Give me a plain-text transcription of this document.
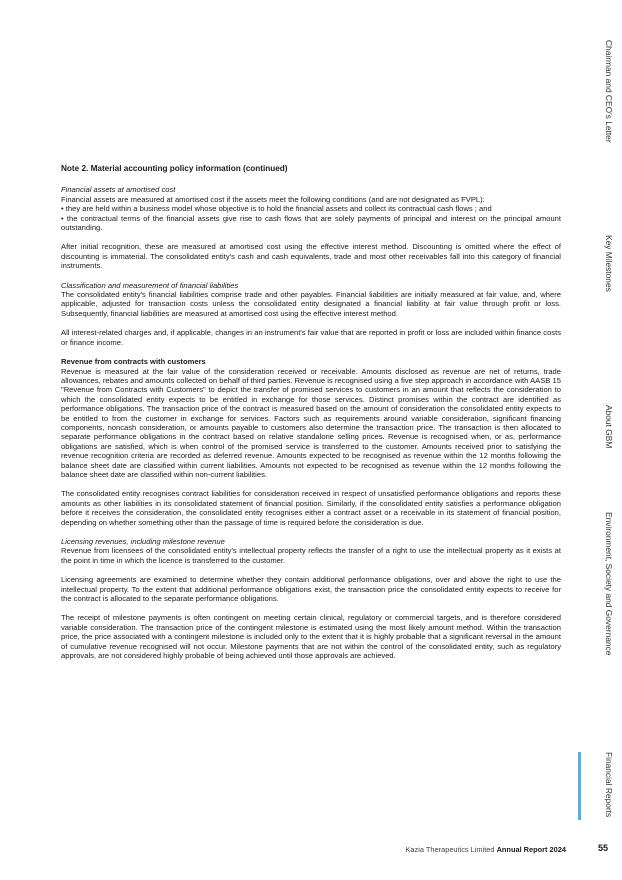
Chairman and CEO's Letter
Key Milestones
About GBM
Environment, Society and Governance
Financial Reports

Note 2. Material accounting policy information (continued)

Financial assets at amortised cost
Financial assets are measured at amortised cost if the assets meet the following conditions (and are not designated as FVPL):
• they are held within a business model whose objective is to hold the financial assets and collect its contractual cash flows ; and
• the contractual terms of the financial assets give rise to cash flows that are solely payments of principal and interest on the principal amount outstanding.

After initial recognition, these are measured at amortised cost using the effective interest method. Discounting is omitted where the effect of discounting is immaterial. The consolidated entity's cash and cash equivalents, trade and most other receivables fall into this category of financial instruments.

Classification and measurement of financial liabilities
The consolidated entity's financial liabilities comprise trade and other payables. Financial liabilities are initially measured at fair value, and, where applicable, adjusted for transaction costs unless the consolidated entity designated a financial liability at fair value through profit or loss. Subsequently, financial liabilities are measured at amortised cost using the effective interest method.

All interest-related charges and, if applicable, changes in an instrument's fair value that are reported in profit or loss are included within finance costs or finance income.

Revenue from contracts with customers
Revenue is measured at the fair value of the consideration received or receivable. Amounts disclosed as revenue are net of returns, trade allowances, rebates and amounts collected on behalf of third parties. Revenue is recognised using a five step approach in accordance with AASB 15 "Revenue from Contracts with Customers" to depict the transfer of promised services to customers in an amount that reflects the consideration to which the consolidated entity expects to be entitled in exchange for those services. Distinct promises within the contract are identified as performance obligations. The transaction price of the contract is measured based on the amount of consideration the consolidated entity expects to be entitled to from the customer in exchange for services. Factors such as requirements around variable consideration, significant financing components, noncash consideration, or amounts payable to customers also determine the transaction price. The transaction is then allocated to separate performance obligations in the contract based on relative standalone selling prices. Revenue is recognised when, or as, performance obligations are satisfied, which is when control of the promised service is transferred to the customer. Amounts received prior to satisfying the revenue recognition criteria are recorded as deferred revenue. Amounts expected to be recognised as revenue within the 12 months following the balance sheet date are classified within current liabilities. Amounts not expected to be recognised as revenue within the 12 months following the balance sheet date are classified within non-current liabilities.

The consolidated entity recognises contract liabilities for consideration received in respect of unsatisfied performance obligations and reports these amounts as other liabilities in its consolidated statement of financial position. Similarly, if the consolidated entity satisfies a performance obligation before it receives the consideration, the consolidated entity recognises either a contract asset or a receivable in its statement of financial position, depending on whether something other than the passage of time is required before the consideration is due.

Licensing revenues, including milestone revenue
Revenue from licensees of the consolidated entity's intellectual property reflects the transfer of a right to use the intellectual property as it exists at the point in time in which the licence is transferred to the customer.

Licensing agreements are examined to determine whether they contain additional performance obligations, over and above the right to use the intellectual property. To the extent that additional performance obligations exist, the transaction price the consolidated entity expects to receive for the contract is allocated to the separate performance obligations.

The receipt of milestone payments is often contingent on meeting certain clinical, regulatory or commercial targets, and is therefore considered variable consideration. The transaction price of the contingent milestone is estimated using the most likely amount method. Within the transaction price, the price associated with a contingent milestone is included only to the extent that it is highly probable that a significant reversal in the amount of cumulative revenue recognised will not occur. Milestone payments that are not within the control of the consolidated entity, such as regulatory approvals, are not considered highly probable of being achieved until those approvals are achieved.

Kazia Therapeutics Limited Annual Report 2024	55
